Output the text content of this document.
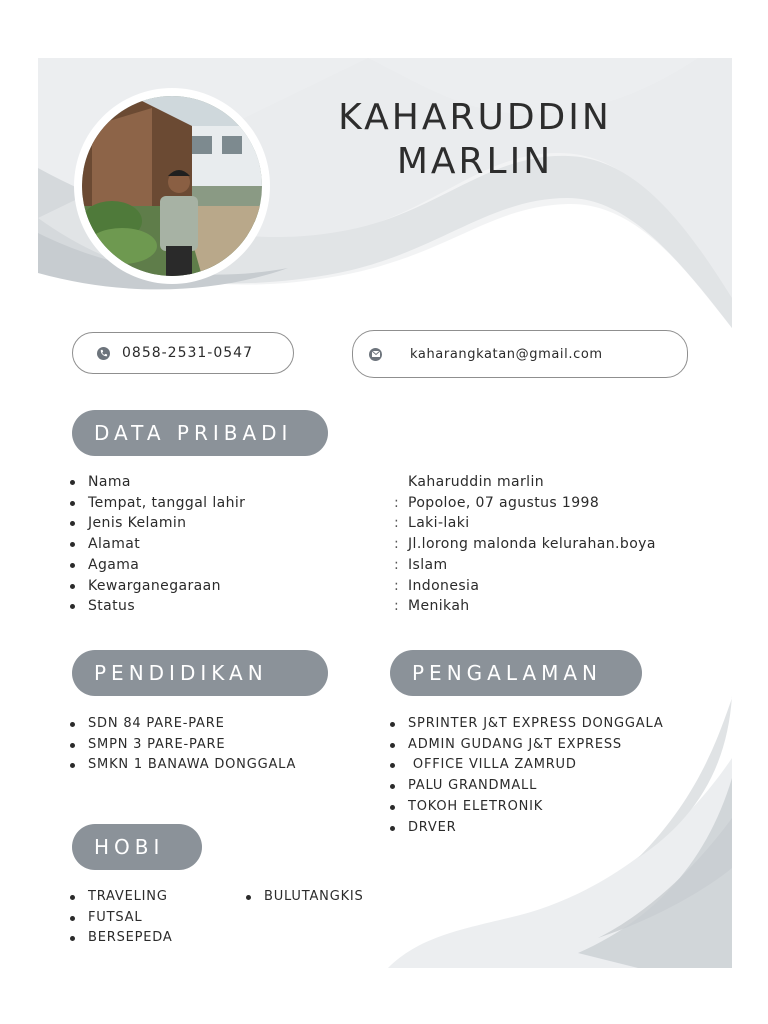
KAHARUDDIN
MARLIN
0858-2531-0547	kaharangkatan@gmail.com
DATA PRIBADI
Nama
Tempat, tanggal lahir
Jenis Kelamin
Alamat
Agama
Kewarganegaraan
Status
Kaharuddin marlin
: Popoloe, 07 agustus 1998
: Laki-laki
: Jl.lorong malonda kelurahan.boya
: Islam
: Indonesia
: Menikah
PENDIDIKAN	PENGALAMAN
SDN 84 PARE-PARE
SMPN 3 PARE-PARE
SMKN 1 BANAWA DONGGALA
SPRINTER J&T EXPRESS DONGGALA
ADMIN GUDANG J&T EXPRESS
OFFICE VILLA ZAMRUD
PALU GRANDMALL
TOKOH ELETRONIK
DRVER
HOBI
TRAVELING
FUTSAL
BERSEPEDA
BULUTANGKIS
